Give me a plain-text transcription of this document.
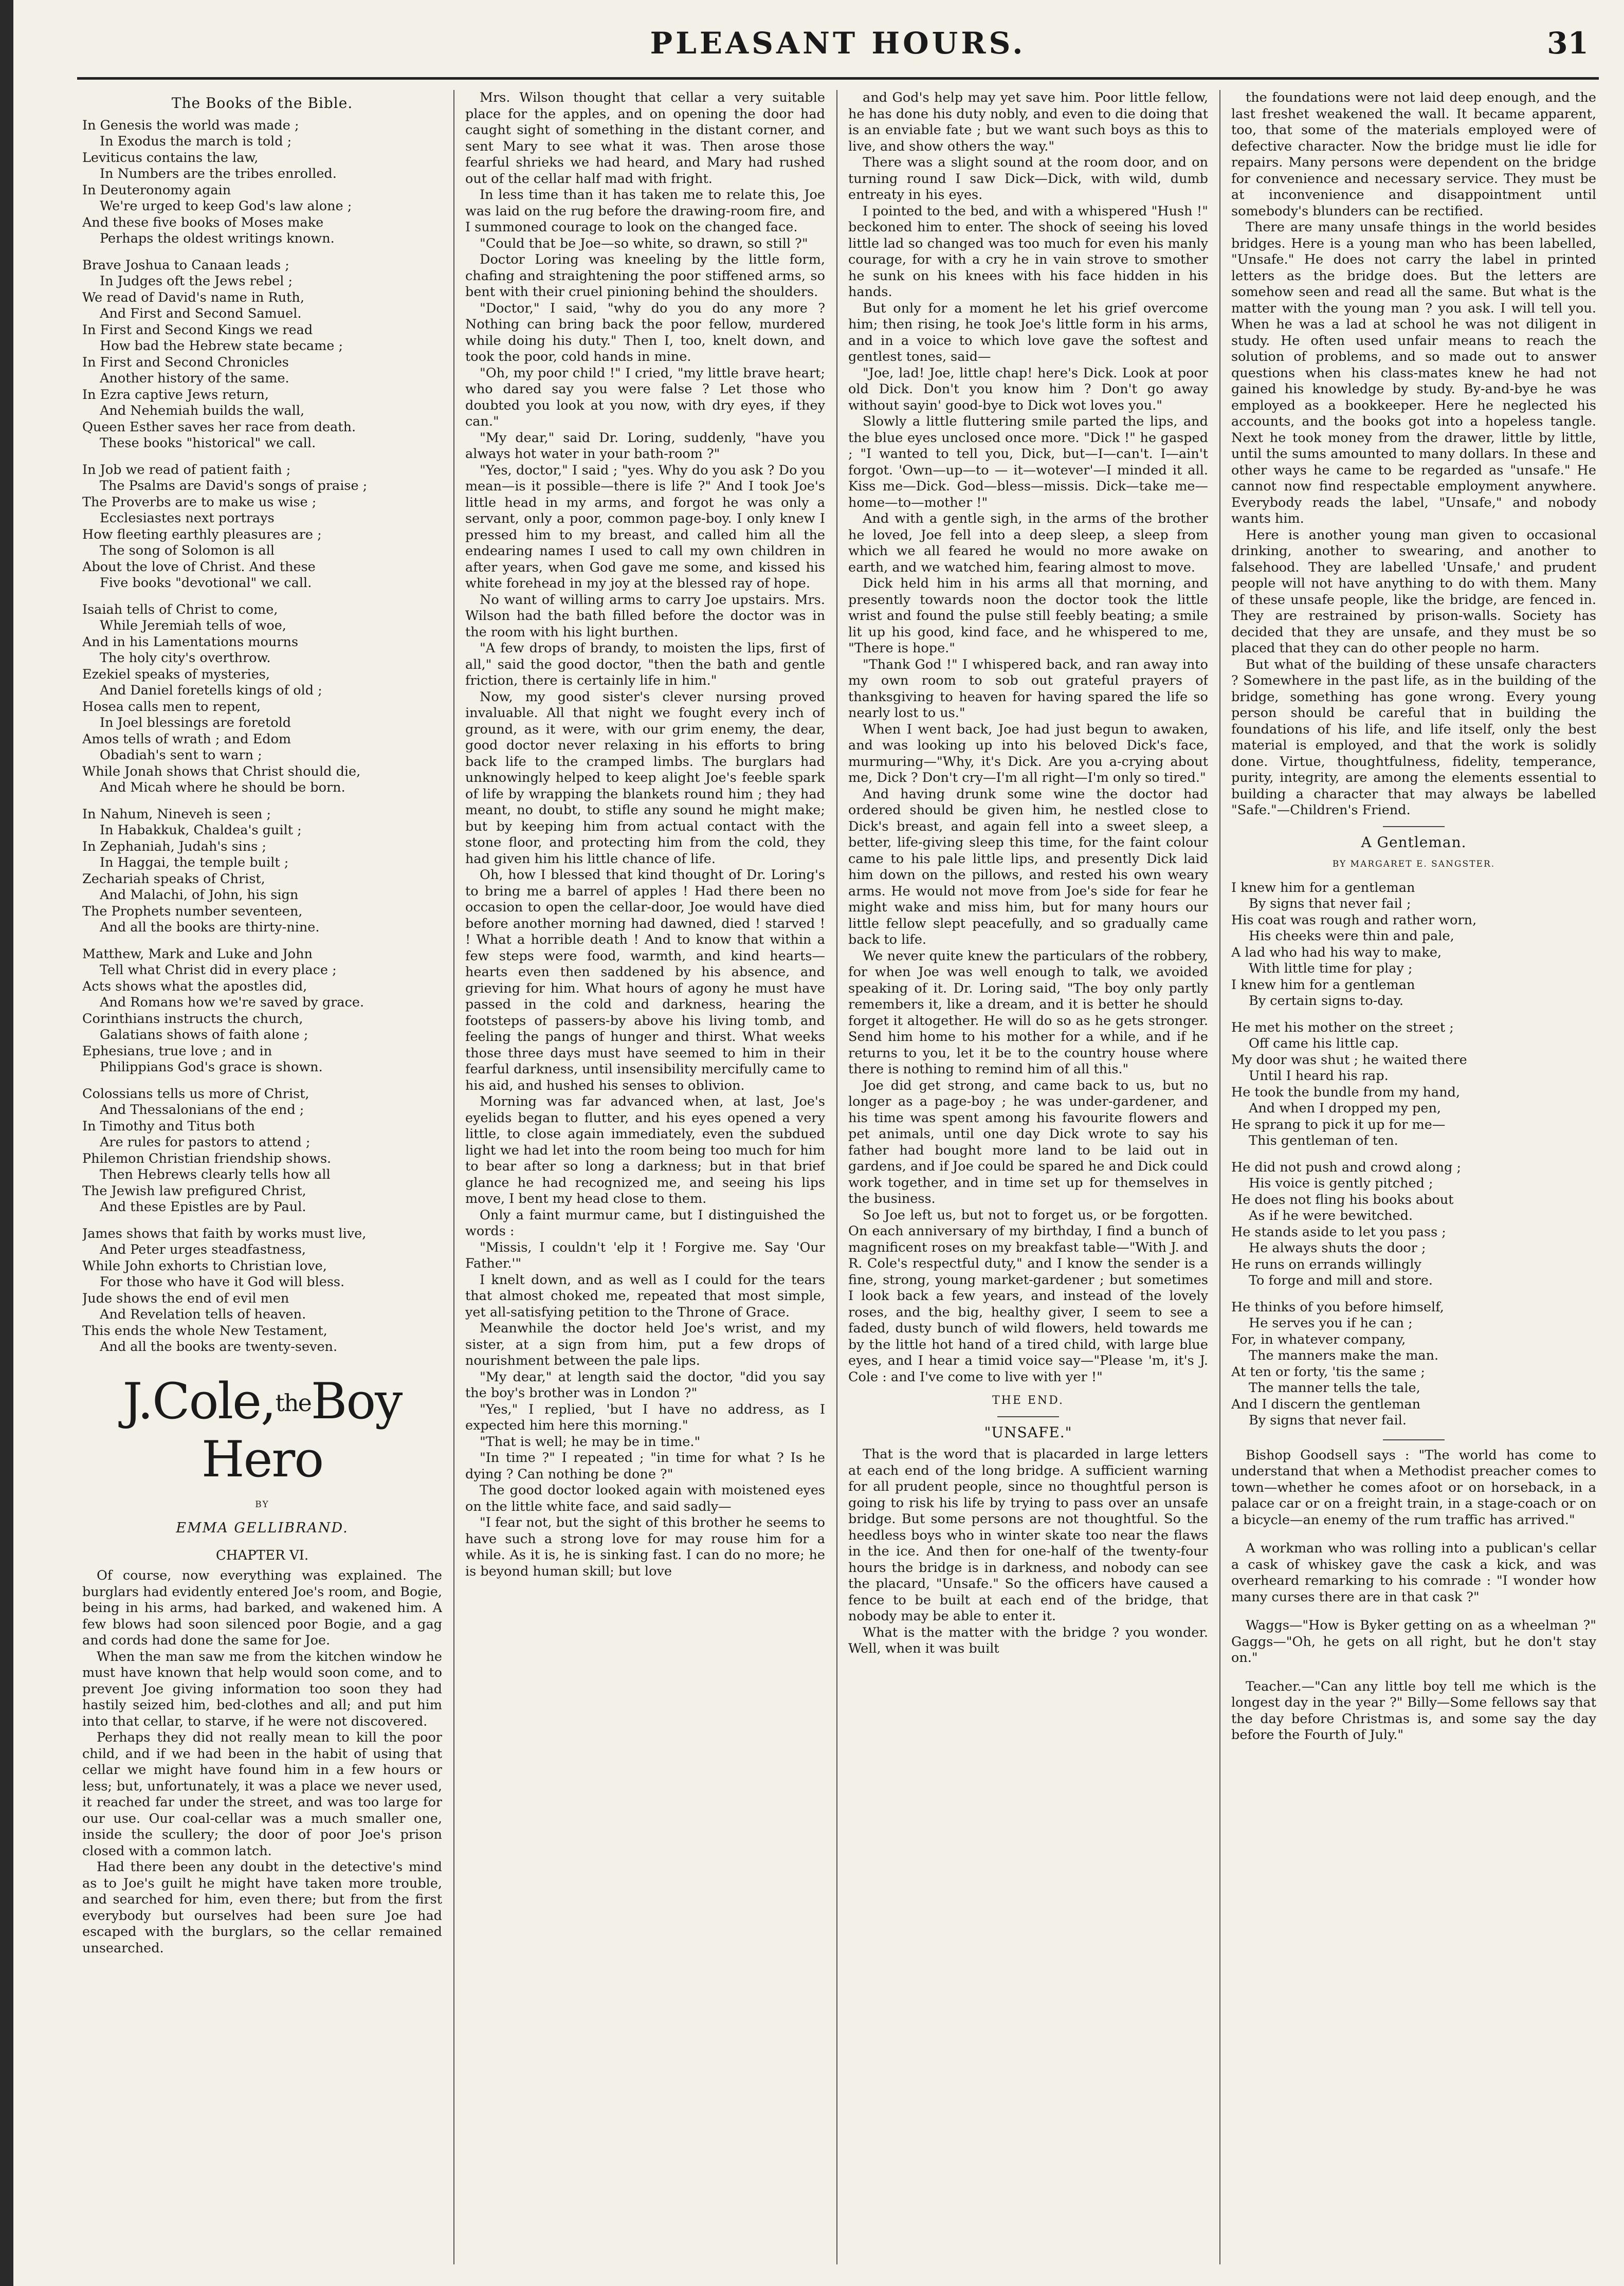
PLEASANT HOURS.	31
The Books of the Bible.
In Genesis the world was made ;
In Exodus the march is told ;
Leviticus contains the law,
In Numbers are the tribes enrolled.
In Deuteronomy again
We're urged to keep God's law alone ;
And these five books of Moses make
Perhaps the oldest writings known.
Brave Joshua to Canaan leads ;
In Judges oft the Jews rebel ;
We read of David's name in Ruth,
And First and Second Samuel.
In First and Second Kings we read
How bad the Hebrew state became ;
In First and Second Chronicles
Another history of the same.
In Ezra captive Jews return,
And Nehemiah builds the wall,
Queen Esther saves her race from death.
These books "historical" we call.
In Job we read of patient faith ;
The Psalms are David's songs of praise ;
The Proverbs are to make us wise ;
Ecclesiastes next portrays
How fleeting earthly pleasures are ;
The song of Solomon is all
About the love of Christ. And these
Five books "devotional" we call.
Isaiah tells of Christ to come,
While Jeremiah tells of woe,
And in his Lamentations mourns
The holy city's overthrow.
Ezekiel speaks of mysteries,
And Daniel foretells kings of old ;
Hosea calls men to repent,
In Joel blessings are foretold
Amos tells of wrath ; and Edom
Obadiah's sent to warn ;
While Jonah shows that Christ should die,
And Micah where he should be born.
In Nahum, Nineveh is seen ;
In Habakkuk, Chaldea's guilt ;
In Zephaniah, Judah's sins ;
In Haggai, the temple built ;
Zechariah speaks of Christ,
And Malachi, of John, his sign
The Prophets number seventeen,
And all the books are thirty-nine.
Matthew, Mark and Luke and John
Tell what Christ did in every place ;
Acts shows what the apostles did,
And Romans how we're saved by grace.
Corinthians instructs the church,
Galatians shows of faith alone ;
Ephesians, true love ; and in
Philippians God's grace is shown.
Colossians tells us more of Christ,
And Thessalonians of the end ;
In Timothy and Titus both
Are rules for pastors to attend ;
Philemon Christian friendship shows.
Then Hebrews clearly tells how all
The Jewish law prefigured Christ,
And these Epistles are by Paul.
James shows that faith by works must live,
And Peter urges steadfastness,
While John exhorts to Christian love,
For those who have it God will bless.
Jude shows the end of evil men
And Revelation tells of heaven.
This ends the whole New Testament,
And all the books are twenty-seven.
J.Cole,theBoy Hero
BY
EMMA GELLIBRAND.
CHAPTER VI.

Of course, now everything was explained. The burglars had evidently entered Joe's room, and Bogie, being in his arms, had barked, and wakened him. A few blows had soon silenced poor Bogie, and a gag and cords had done the same for Joe.

When the man saw me from the kitchen window he must have known that help would soon come, and to prevent Joe giving information too soon they had hastily seized him, bed-clothes and all; and put him into that cellar, to starve, if he were not discovered.

Perhaps they did not really mean to kill the poor child, and if we had been in the habit of using that cellar we might have found him in a few hours or less; but, unfortunately, it was a place we never used, it reached far under the street, and was too large for our use. Our coal-cellar was a much smaller one, inside the scullery; the door of poor Joe's prison closed with a common latch.

Had there been any doubt in the detective's mind as to Joe's guilt he might have taken more trouble, and searched for him, even there; but from the first everybody but ourselves had been sure Joe had escaped with the burglars, so the cellar remained unsearched.

Mrs. Wilson thought that cellar a very suitable place for the apples, and on opening the door had caught sight of something in the distant corner, and sent Mary to see what it was. Then arose those fearful shrieks we had heard, and Mary had rushed out of the cellar half mad with fright.

In less time than it has taken me to relate this, Joe was laid on the rug before the drawing-room fire, and I summoned courage to look on the changed face.

"Could that be Joe—so white, so drawn, so still ?"

Doctor Loring was kneeling by the little form, chafing and straightening the poor stiffened arms, so bent with their cruel pinioning behind the shoulders.

"Doctor," I said, "why do you do any more ? Nothing can bring back the poor fellow, murdered while doing his duty." Then I, too, knelt down, and took the poor, cold hands in mine.

"Oh, my poor child !" I cried, "my little brave heart; who dared say you were false ? Let those who doubted you look at you now, with dry eyes, if they can."

"My dear," said Dr. Loring, suddenly, "have you always hot water in your bath-room ?"

"Yes, doctor," I said ; "yes. Why do you ask ? Do you mean—is it possible—there is life ?" And I took Joe's little head in my arms, and forgot he was only a servant, only a poor, common page-boy. I only knew I pressed him to my breast, and called him all the endearing names I used to call my own children in after years, when God gave me some, and kissed his white forehead in my joy at the blessed ray of hope.

No want of willing arms to carry Joe upstairs. Mrs. Wilson had the bath filled before the doctor was in the room with his light burthen.

"A few drops of brandy, to moisten the lips, first of all," said the good doctor, "then the bath and gentle friction, there is certainly life in him."

Now, my good sister's clever nursing proved invaluable. All that night we fought every inch of ground, as it were, with our grim enemy, the dear, good doctor never relaxing in his efforts to bring back life to the cramped limbs. The burglars had unknowingly helped to keep alight Joe's feeble spark of life by wrapping the blankets round him ; they had meant, no doubt, to stifle any sound he might make; but by keeping him from actual contact with the stone floor, and protecting him from the cold, they had given him his little chance of life.

Oh, how I blessed that kind thought of Dr. Loring's to bring me a barrel of apples ! Had there been no occasion to open the cellar-door, Joe would have died before another morning had dawned, died ! starved ! ! What a horrible death ! And to know that within a few steps were food, warmth, and kind hearts—hearts even then saddened by his absence, and grieving for him. What hours of agony he must have passed in the cold and darkness, hearing the footsteps of passers-by above his living tomb, and feeling the pangs of hunger and thirst. What weeks those three days must have seemed to him in their fearful darkness, until insensibility mercifully came to his aid, and hushed his senses to oblivion.

Morning was far advanced when, at last, Joe's eyelids began to flutter, and his eyes opened a very little, to close again immediately, even the subdued light we had let into the room being too much for him to bear after so long a darkness; but in that brief glance he had recognized me, and seeing his lips move, I bent my head close to them.

Only a faint murmur came, but I distinguished the words :

"Missis, I couldn't 'elp it ! Forgive me. Say 'Our Father.'"

I knelt down, and as well as I could for the tears that almost choked me, repeated that most simple, yet all-satisfying petition to the Throne of Grace.

Meanwhile the doctor held Joe's wrist, and my sister, at a sign from him, put a few drops of nourishment between the pale lips.

"My dear," at length said the doctor, "did you say the boy's brother was in London ?"

"Yes," I replied, 'but I have no address, as I expected him here this morning."

"That is well; he may be in time."

"In time ?" I repeated ; "in time for what ? Is he dying ? Can nothing be done ?"

The good doctor looked again with moistened eyes on the little white face, and said sadly—

"I fear not, but the sight of this brother he seems to have such a strong love for may rouse him for a while. As it is, he is sinking fast. I can do no more; he is beyond human skill; but love

and God's help may yet save him. Poor little fellow, he has done his duty nobly, and even to die doing that is an enviable fate ; but we want such boys as this to live, and show others the way."

There was a slight sound at the room door, and on turning round I saw Dick—Dick, with wild, dumb entreaty in his eyes.

I pointed to the bed, and with a whispered "Hush !" beckoned him to enter. The shock of seeing his loved little lad so changed was too much for even his manly courage, for with a cry he in vain strove to smother he sunk on his knees with his face hidden in his hands.

But only for a moment he let his grief overcome him; then rising, he took Joe's little form in his arms, and in a voice to which love gave the softest and gentlest tones, said—

"Joe, lad! Joe, little chap! here's Dick. Look at poor old Dick. Don't you know him ? Don't go away without sayin' good-bye to Dick wot loves you."

Slowly a little fluttering smile parted the lips, and the blue eyes unclosed once more. "Dick !" he gasped ; "I wanted to tell you, Dick, but—I—can't. I—ain't forgot. 'Own—up—to — it—wotever'—I minded it all. Kiss me—Dick. God—bless—missis. Dick—take me—home—to—mother !"

And with a gentle sigh, in the arms of the brother he loved, Joe fell into a deep sleep, a sleep from which we all feared he would no more awake on earth, and we watched him, fearing almost to move.

Dick held him in his arms all that morning, and presently towards noon the doctor took the little wrist and found the pulse still feebly beating; a smile lit up his good, kind face, and he whispered to me, "There is hope."

"Thank God !" I whispered back, and ran away into my own room to sob out grateful prayers of thanksgiving to heaven for having spared the life so nearly lost to us."

When I went back, Joe had just begun to awaken, and was looking up into his beloved Dick's face, murmuring—"Why, it's Dick. Are you a-crying about me, Dick ? Don't cry—I'm all right—I'm only so tired."

And having drunk some wine the doctor had ordered should be given him, he nestled close to Dick's breast, and again fell into a sweet sleep, a better, life-giving sleep this time, for the faint colour came to his pale little lips, and presently Dick laid him down on the pillows, and rested his own weary arms. He would not move from Joe's side for fear he might wake and miss him, but for many hours our little fellow slept peacefully, and so gradually came back to life.

We never quite knew the particulars of the robbery, for when Joe was well enough to talk, we avoided speaking of it. Dr. Loring said, "The boy only partly remembers it, like a dream, and it is better he should forget it altogether. He will do so as he gets stronger. Send him home to his mother for a while, and if he returns to you, let it be to the country house where there is nothing to remind him of all this."

Joe did get strong, and came back to us, but no longer as a page-boy ; he was under-gardener, and his time was spent among his favourite flowers and pet animals, until one day Dick wrote to say his father had bought more land to be laid out in gardens, and if Joe could be spared he and Dick could work together, and in time set up for themselves in the business.

So Joe left us, but not to forget us, or be forgotten. On each anniversary of my birthday, I find a bunch of magnificent roses on my breakfast table—"With J. and R. Cole's respectful duty," and I know the sender is a fine, strong, young market-gardener ; but sometimes I look back a few years, and instead of the lovely roses, and the big, healthy giver, I seem to see a faded, dusty bunch of wild flowers, held towards me by the little hot hand of a tired child, with large blue eyes, and I hear a timid voice say—"Please 'm, it's J. Cole : and I've come to live with yer !"

THE END.
"UNSAFE."

That is the word that is placarded in large letters at each end of the long bridge. A sufficient warning for all prudent people, since no thoughtful person is going to risk his life by trying to pass over an unsafe bridge. But some persons are not thoughtful. So the heedless boys who in winter skate too near the flaws in the ice. And then for one-half of the twenty-four hours the bridge is in darkness, and nobody can see the placard, "Unsafe." So the officers have caused a fence to be built at each end of the bridge, that nobody may be able to enter it.

What is the matter with the bridge ? you wonder. Well, when it was built

the foundations were not laid deep enough, and the last freshet weakened the wall. It became apparent, too, that some of the materials employed were of defective character. Now the bridge must lie idle for repairs. Many persons were dependent on the bridge for convenience and necessary service. They must be at inconvenience and disappointment until somebody's blunders can be rectified.

There are many unsafe things in the world besides bridges. Here is a young man who has been labelled, "Unsafe." He does not carry the label in printed letters as the bridge does. But the letters are somehow seen and read all the same. But what is the matter with the young man ? you ask. I will tell you. When he was a lad at school he was not diligent in study. He often used unfair means to reach the solution of problems, and so made out to answer questions when his class-mates knew he had not gained his knowledge by study. By-and-bye he was employed as a bookkeeper. Here he neglected his accounts, and the books got into a hopeless tangle. Next he took money from the drawer, little by little, until the sums amounted to many dollars. In these and other ways he came to be regarded as "unsafe." He cannot now find respectable employment anywhere. Everybody reads the label, "Unsafe," and nobody wants him.

Here is another young man given to occasional drinking, another to swearing, and another to falsehood. They are labelled 'Unsafe,' and prudent people will not have anything to do with them. Many of these unsafe people, like the bridge, are fenced in. They are restrained by prison-walls. Society has decided that they are unsafe, and they must be so placed that they can do other people no harm.

But what of the building of these unsafe characters ? Somewhere in the past life, as in the building of the bridge, something has gone wrong. Every young person should be careful that in building the foundations of his life, and life itself, only the best material is employed, and that the work is solidly done. Virtue, thoughtfulness, fidelity, temperance, purity, integrity, are among the elements essential to building a character that may always be labelled "Safe."—Children's Friend.

A Gentleman.
BY MARGARET E. SANGSTER.
I knew him for a gentleman
By signs that never fail ;
His coat was rough and rather worn,
His cheeks were thin and pale,
A lad who had his way to make,
With little time for play ;
I knew him for a gentleman
By certain signs to-day.
He met his mother on the street ;
Off came his little cap.
My door was shut ; he waited there
Until I heard his rap.
He took the bundle from my hand,
And when I dropped my pen,
He sprang to pick it up for me—
This gentleman of ten.
He did not push and crowd along ;
His voice is gently pitched ;
He does not fling his books about
As if he were bewitched.
He stands aside to let you pass ;
He always shuts the door ;
He runs on errands willingly
To forge and mill and store.
He thinks of you before himself,
He serves you if he can ;
For, in whatever company,
The manners make the man.
At ten or forty, 'tis the same ;
The manner tells the tale,
And I discern the gentleman
By signs that never fail.

Bishop Goodsell says : "The world has come to understand that when a Methodist preacher comes to town—whether he comes afoot or on horseback, in a palace car or on a freight train, in a stage-coach or on a bicycle—an enemy of the rum traffic has arrived."

A workman who was rolling into a publican's cellar a cask of whiskey gave the cask a kick, and was overheard remarking to his comrade : "I wonder how many curses there are in that cask ?"

Waggs—"How is Byker getting on as a wheelman ?" Gaggs—"Oh, he gets on all right, but he don't stay on."

Teacher.—"Can any little boy tell me which is the longest day in the year ?" Billy—Some fellows say that the day before Christmas is, and some say the day before the Fourth of July."
